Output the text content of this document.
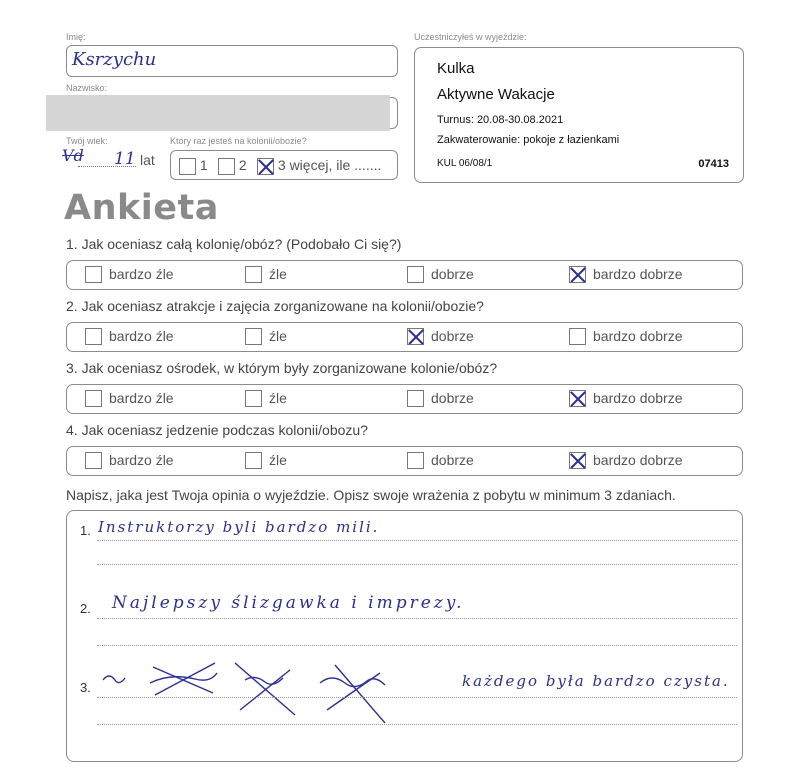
Imię:
Ksrzychu
Nazwisko:
Twój wiek:
Vd 11 lat
Który raz jesteś na kolonii/obozie?
1	2	3 więcej, ile .......
Uczestniczyłeś w wyjeździe:
Kulka
Aktywne Wakacje
Turnus: 20.08-30.08.2021
Zakwaterowanie: pokoje z łazienkami
KUL 06/08/1	07413
Ankieta
1. Jak oceniasz całą kolonię/obóz? (Podobało Ci się?)
bardzo źle	źle	dobrze	bardzo dobrze
2. Jak oceniasz atrakcje i zajęcia zorganizowane na kolonii/obozie?
bardzo źle	źle	dobrze	bardzo dobrze
3. Jak oceniasz ośrodek, w którym były zorganizowane kolonie/obóz?
bardzo źle	źle	dobrze	bardzo dobrze
4. Jak oceniasz jedzenie podczas kolonii/obozu?
bardzo źle	źle	dobrze	bardzo dobrze
Napisz, jaka jest Twoja opinia o wyjeździe. Opisz swoje wrażenia z pobytu w minimum 3 zdaniach.
1. Instruktorzy byli bardzo mili.
2. Najlepszy ślizgawka i imprezy.
3.	każdego była bardzo czysta.
